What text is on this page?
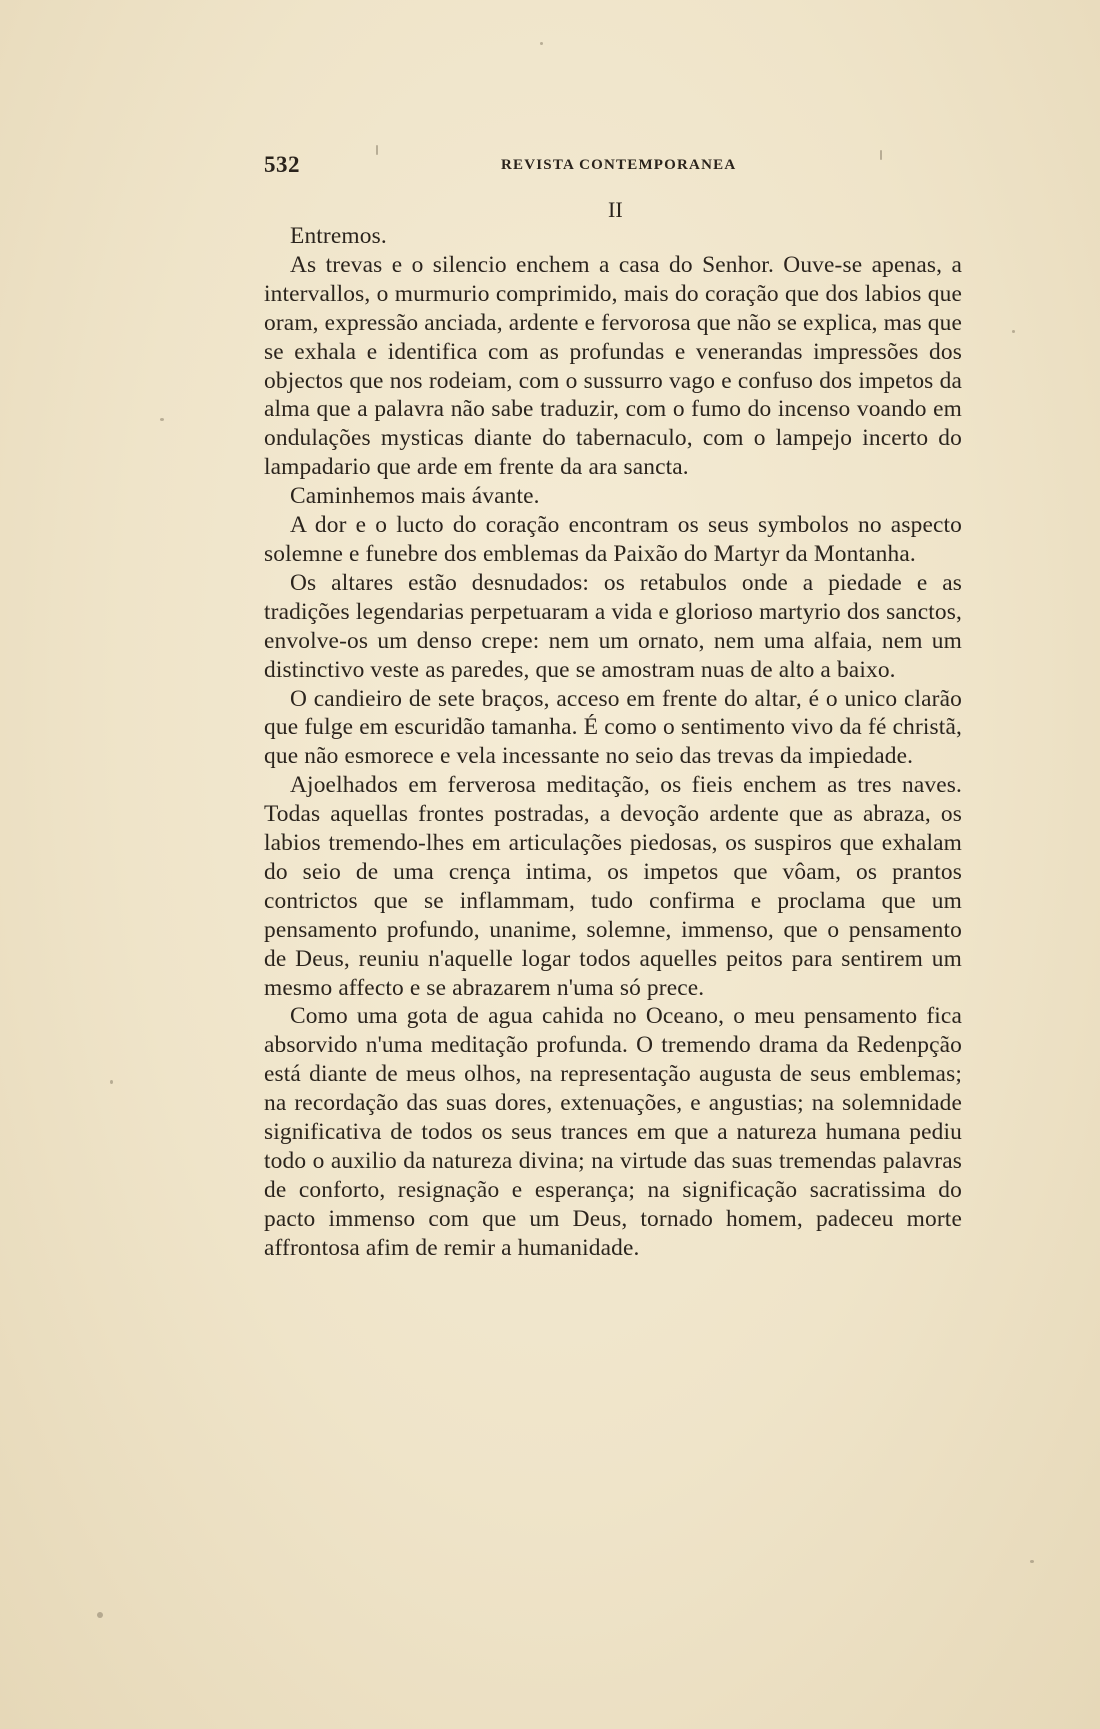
532	REVISTA CONTEMPORANEA
II

Entremos.

As trevas e o silencio enchem a casa do Senhor. Ouve-se apenas, a intervallos, o murmurio comprimido, mais do coração que dos labios que oram, expressão anciada, ardente e fervorosa que não se explica, mas que se exhala e identifica com as profundas e venerandas impressões dos objectos que nos rodeiam, com o sussurro vago e confuso dos impetos da alma que a palavra não sabe traduzir, com o fumo do incenso voando em ondulações mysticas diante do tabernaculo, com o lampejo incerto do lampadario que arde em frente da ara sancta.

Caminhemos mais ávante.

A dor e o lucto do coração encontram os seus symbolos no aspecto solemne e funebre dos emblemas da Paixão do Martyr da Montanha.

Os altares estão desnudados: os retabulos onde a piedade e as tradições legendarias perpetuaram a vida e glorioso martyrio dos sanctos, envolve-os um denso crepe: nem um ornato, nem uma alfaia, nem um distinctivo veste as paredes, que se amostram nuas de alto a baixo.

O candieiro de sete braços, acceso em frente do altar, é o unico clarão que fulge em escuridão tamanha. É como o sentimento vivo da fé christã, que não esmorece e vela incessante no seio das trevas da impiedade.

Ajoelhados em ferverosa meditação, os fieis enchem as tres naves. Todas aquellas frontes postradas, a devoção ardente que as abraza, os labios tremendo-lhes em articulações piedosas, os suspiros que exhalam do seio de uma crença intima, os impetos que vôam, os prantos contrictos que se inflammam, tudo confirma e proclama que um pensamento profundo, unanime, solemne, immenso, que o pensamento de Deus, reuniu n'aquelle logar todos aquelles peitos para sentirem um mesmo affecto e se abrazarem n'uma só prece.

Como uma gota de agua cahida no Oceano, o meu pensamento fica absorvido n'uma meditação profunda. O tremendo drama da Redenpção está diante de meus olhos, na representação augusta de seus emblemas; na recordação das suas dores, extenuações, e angustias; na solemnidade significativa de todos os seus trances em que a natureza humana pediu todo o auxilio da natureza divina; na virtude das suas tremendas palavras de conforto, resignação e esperança; na significação sacratissima do pacto immenso com que um Deus, tornado homem, padeceu morte affrontosa afim de remir a humanidade.
